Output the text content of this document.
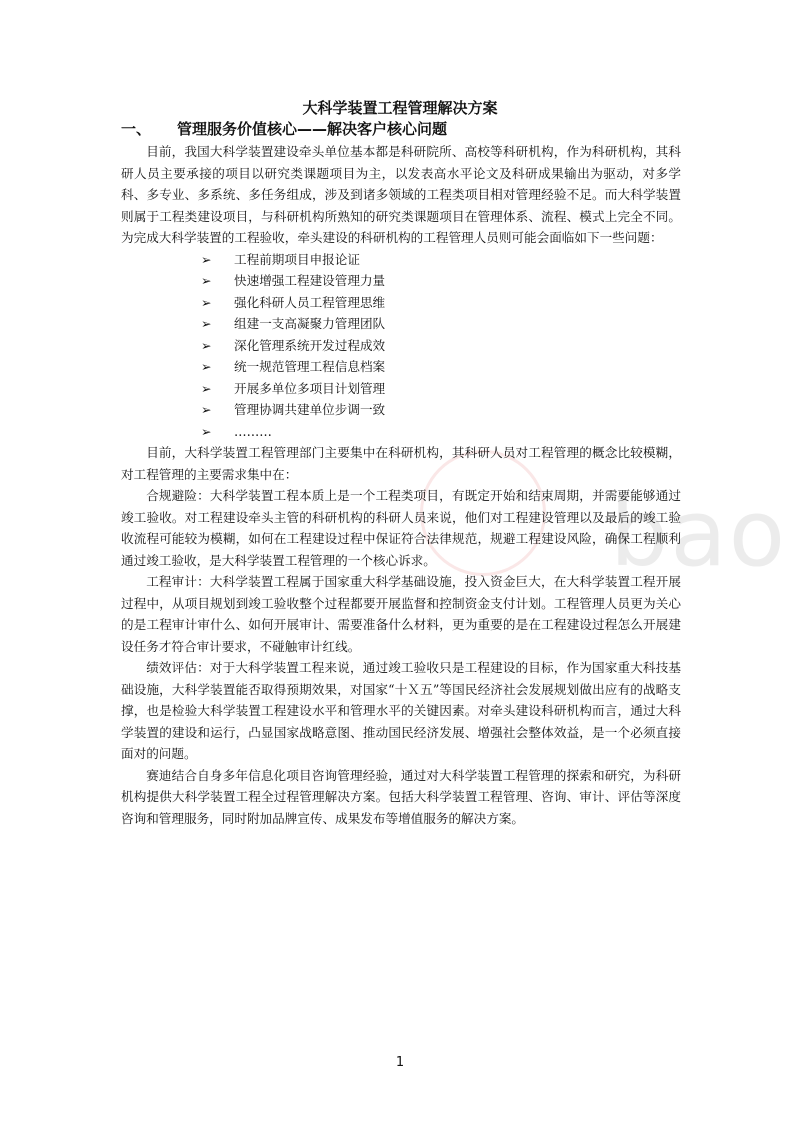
bao
大科学装置工程管理解决方案
一、 管理服务价值核心——解决客户核心问题

目前，我国大科学装置建设牵头单位基本都是科研院所、高校等科研机构，作为科研机构，其科研人员主要承接的项目以研究类课题项目为主，以发表高水平论文及科研成果输出为驱动，对多学科、多专业、多系统、多任务组成，涉及到诸多领域的工程类项目相对管理经验不足。而大科学装置则属于工程类建设项目，与科研机构所熟知的研究类课题项目在管理体系、流程、模式上完全不同。为完成大科学装置的工程验收，牵头建设的科研机构的工程管理人员则可能会面临如下一些问题：

➢ 工程前期项目申报论证
➢ 快速增强工程建设管理力量
➢ 强化科研人员工程管理思维
➢ 组建一支高凝聚力管理团队
➢ 深化管理系统开发过程成效
➢ 统一规范管理工程信息档案
➢ 开展多单位多项目计划管理
➢ 管理协调共建单位步调一致
➢ ………

目前，大科学装置工程管理部门主要集中在科研机构，其科研人员对工程管理的概念比较模糊，对工程管理的主要需求集中在：

合规避险：大科学装置工程本质上是一个工程类项目，有既定开始和结束周期，并需要能够通过竣工验收。对工程建设牵头主管的科研机构的科研人员来说，他们对工程建设管理以及最后的竣工验收流程可能较为模糊，如何在工程建设过程中保证符合法律规范，规避工程建设风险，确保工程顺利通过竣工验收，是大科学装置工程管理的一个核心诉求。

工程审计：大科学装置工程属于国家重大科学基础设施，投入资金巨大，在大科学装置工程开展过程中，从项目规划到竣工验收整个过程都要开展监督和控制资金支付计划。工程管理人员更为关心的是工程审计审什么、如何开展审计、需要准备什么材料，更为重要的是在工程建设过程怎么开展建设任务才符合审计要求，不碰触审计红线。

绩效评估：对于大科学装置工程来说，通过竣工验收只是工程建设的目标，作为国家重大科技基础设施，大科学装置能否取得预期效果，对国家“十Ｘ五”等国民经济社会发展规划做出应有的战略支撑，也是检验大科学装置工程建设水平和管理水平的关键因素。对牵头建设科研机构而言，通过大科学装置的建设和运行，凸显国家战略意图、推动国民经济发展、增强社会整体效益，是一个必须直接面对的问题。

赛迪结合自身多年信息化项目咨询管理经验，通过对大科学装置工程管理的探索和研究，为科研机构提供大科学装置工程全过程管理解决方案。包括大科学装置工程管理、咨询、审计、评估等深度咨询和管理服务，同时附加品牌宣传、成果发布等增值服务的解决方案。

1
